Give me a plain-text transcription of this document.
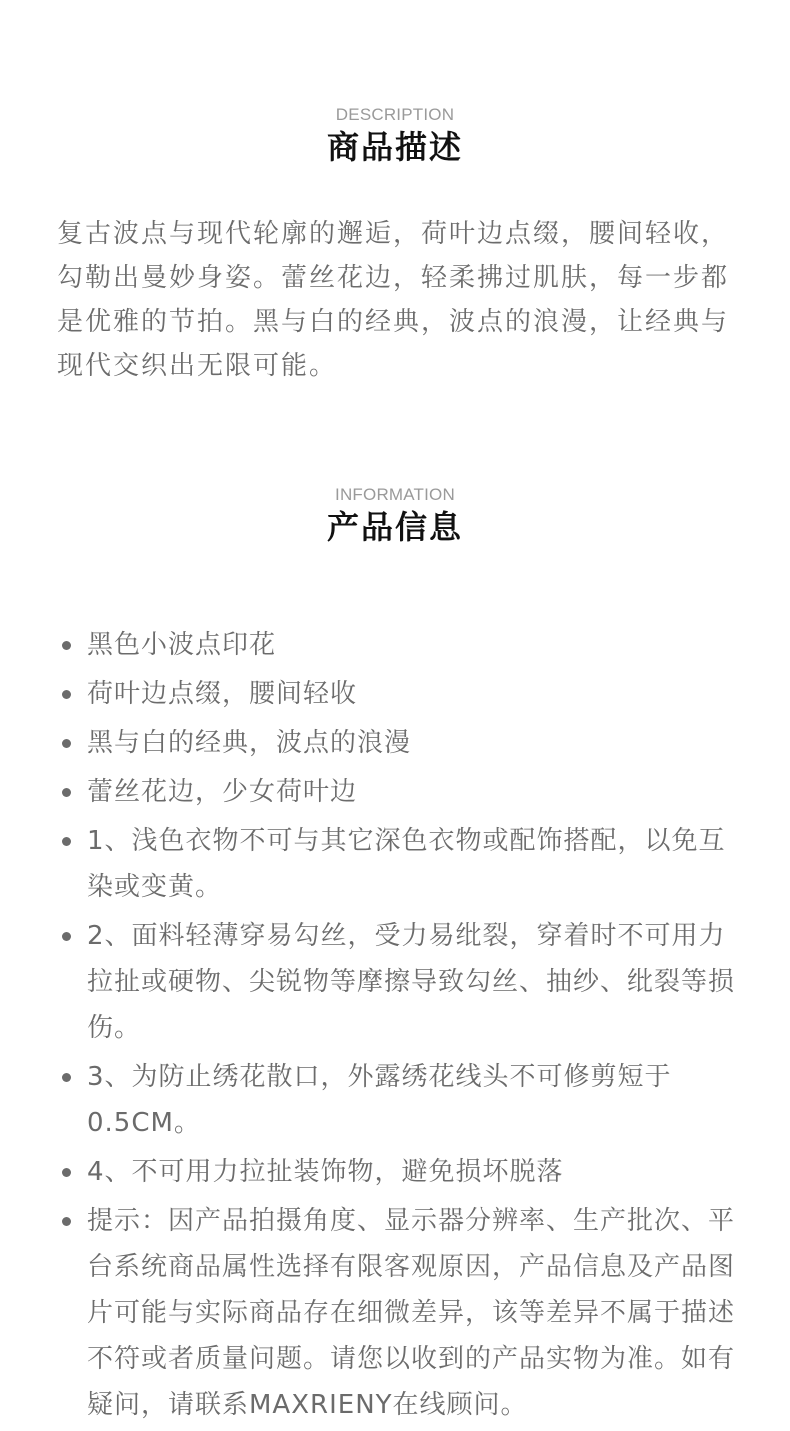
DESCRIPTION
商品描述

复古波点与现代轮廓的邂逅，荷叶边点缀，腰间轻收，勾勒出曼妙身姿。蕾丝花边，轻柔拂过肌肤，每一步都是优雅的节拍。黑与白的经典，波点的浪漫，让经典与现代交织出无限可能。

INFORMATION
产品信息
黑色小波点印花
荷叶边点缀，腰间轻收
黑与白的经典，波点的浪漫
蕾丝花边，少女荷叶边
1、浅色衣物不可与其它深色衣物或配饰搭配，以免互染或变黄。
2、面料轻薄穿易勾丝，受力易纰裂，穿着时不可用力拉扯或硬物、尖锐物等摩擦导致勾丝、抽纱、纰裂等损伤。
3、为防止绣花散口，外露绣花线头不可修剪短于0.5CM。
4、不可用力拉扯装饰物，避免损坏脱落
提示：因产品拍摄角度、显示器分辨率、生产批次、平台系统商品属性选择有限客观原因，产品信息及产品图片可能与实际商品存在细微差异，该等差异不属于描述不符或者质量问题。请您以收到的产品实物为准。如有疑问，请联系MAXRIENY在线顾问。
